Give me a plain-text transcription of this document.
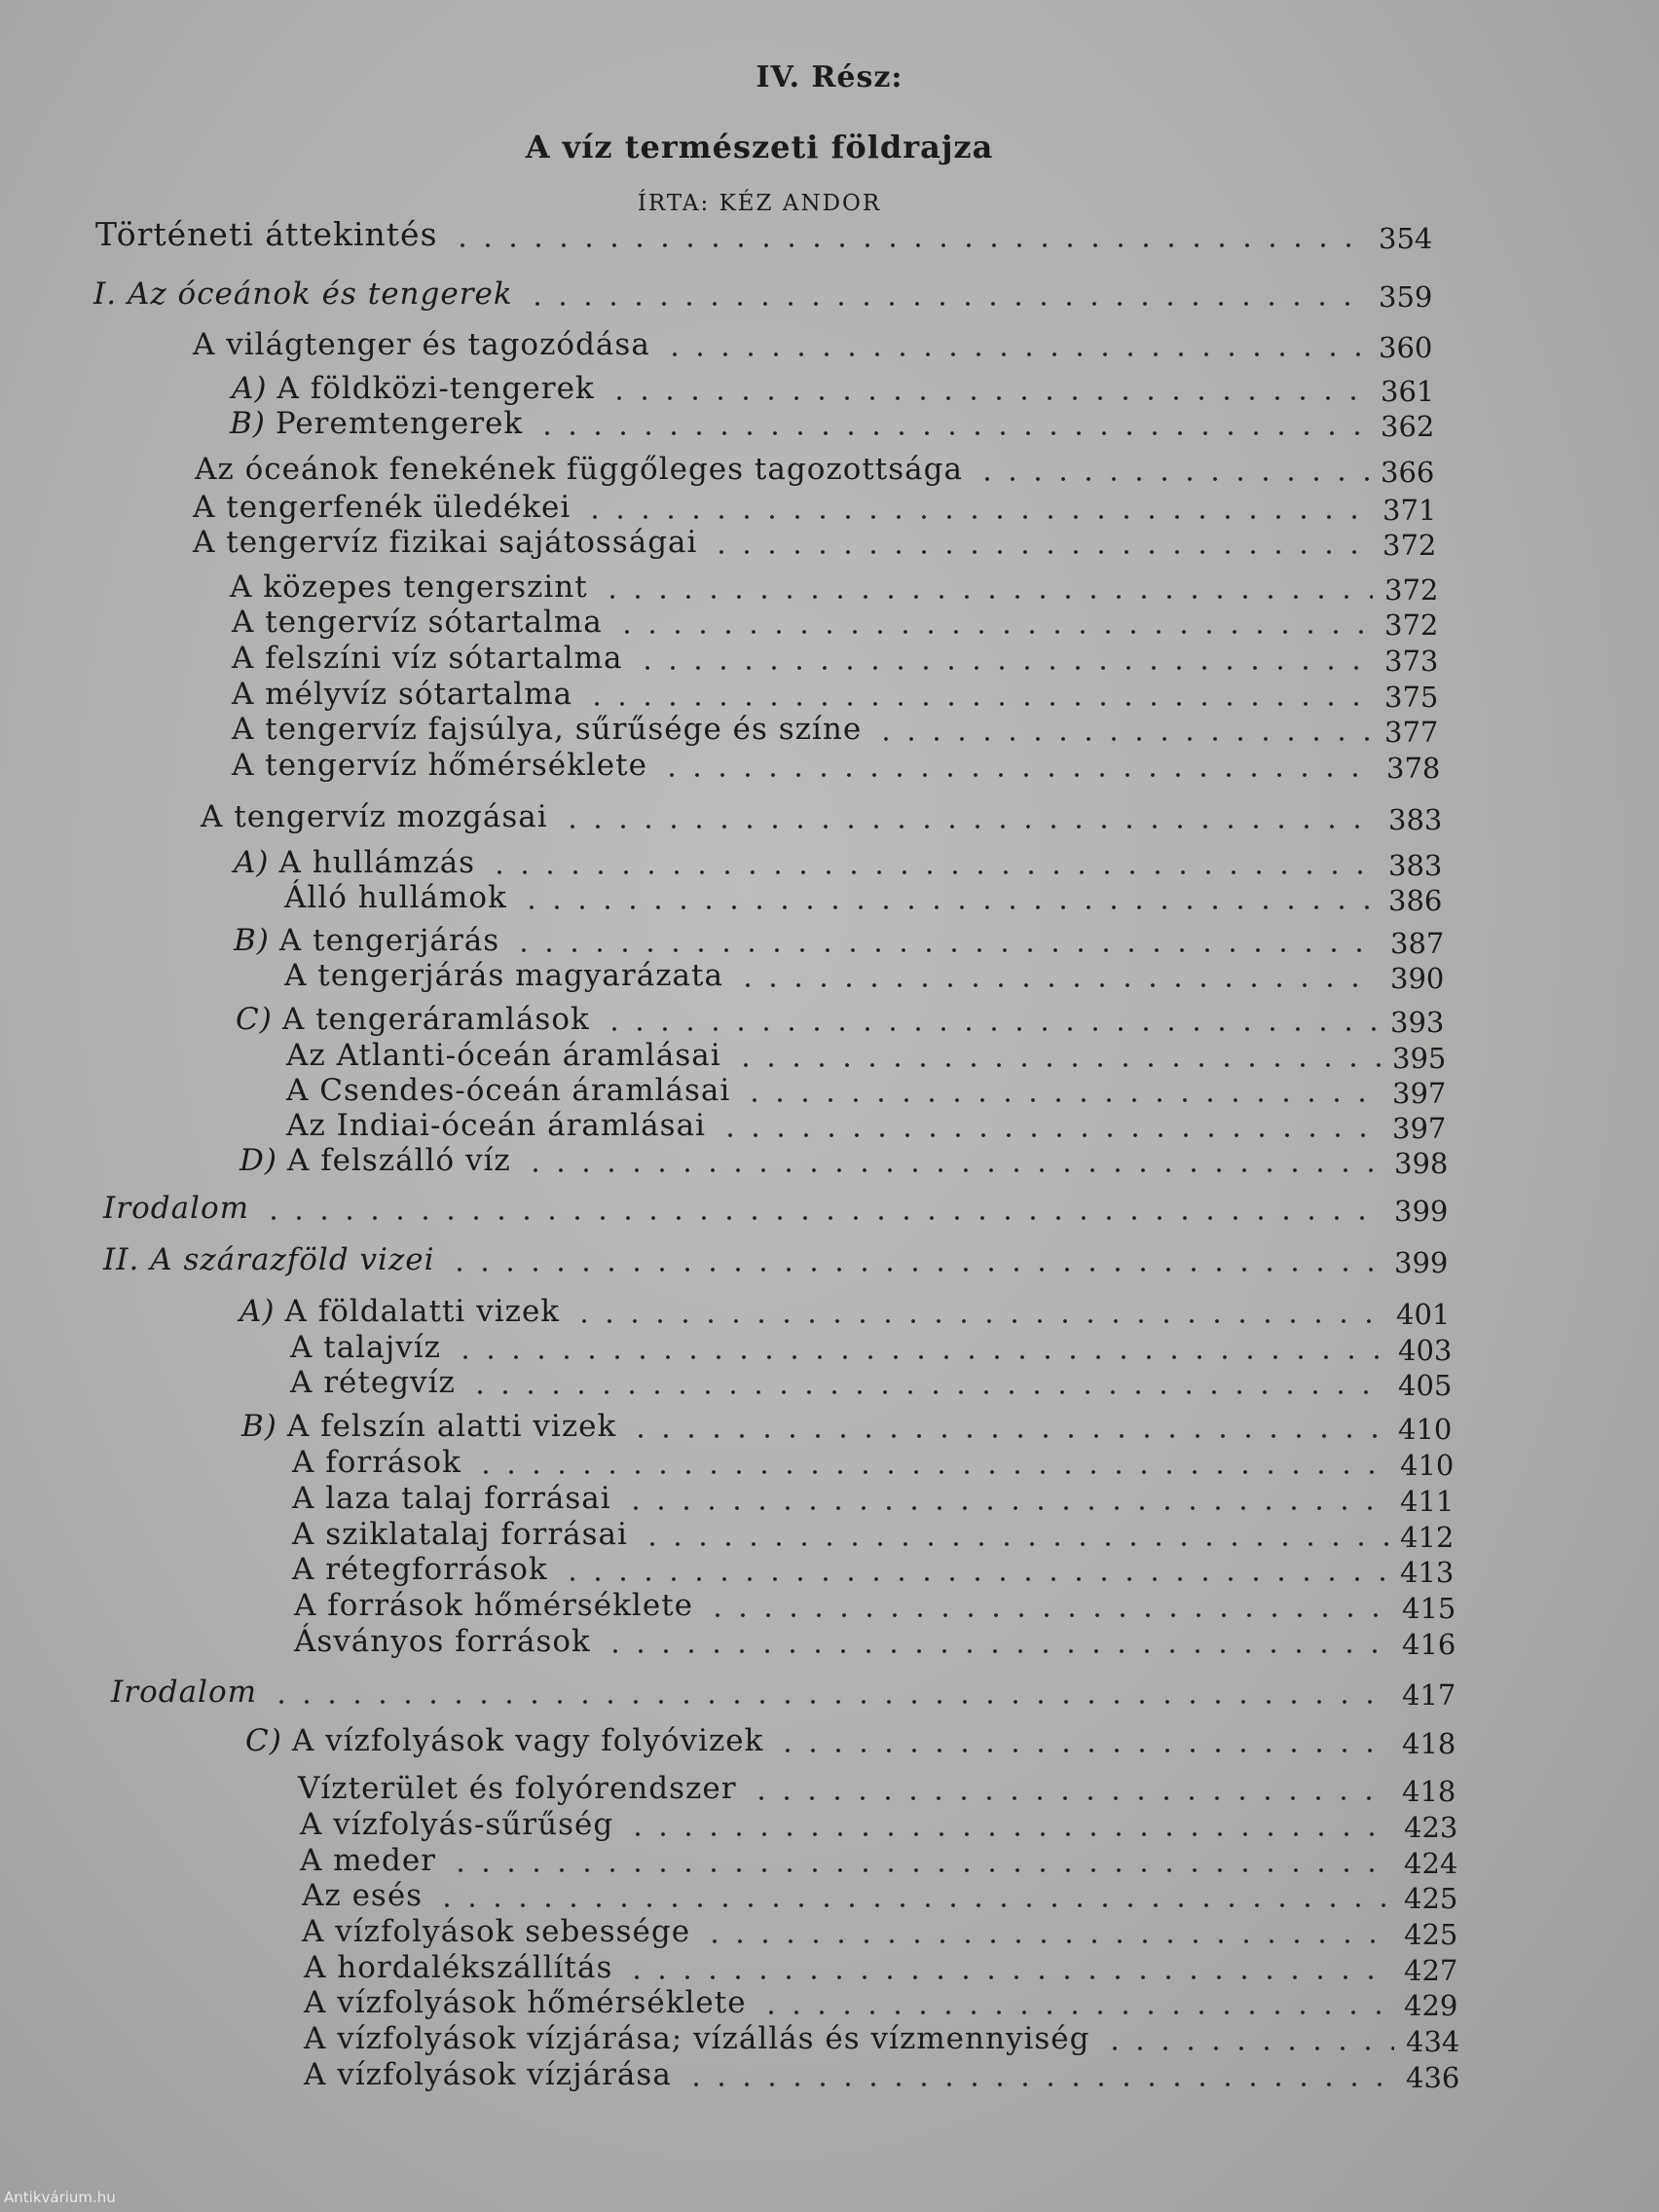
IV. Rész:
A víz természeti földrajza
ÍRTA: KÉZ ANDOR
Történeti áttekintés	354
I. Az óceánok és tengerek	359
A világtenger és tagozódása	360
A) A földközi-tengerek	361
B) Peremtengerek	362
Az óceánok fenekének függőleges tagozottsága	366
A tengerfenék üledékei	371
A tengervíz fizikai sajátosságai	372
A közepes tengerszint	372
A tengervíz sótartalma	372
A felszíni víz sótartalma	373
A mélyvíz sótartalma	375
A tengervíz fajsúlya, sűrűsége és színe	377
A tengervíz hőmérséklete	378
A tengervíz mozgásai	383
A) A hullámzás	383
Álló hullámok	386
B) A tengerjárás	387
A tengerjárás magyarázata	390
C) A tengeráramlások	393
Az Atlanti-óceán áramlásai	395
A Csendes-óceán áramlásai	397
Az Indiai-óceán áramlásai	397
D) A felszálló víz	398
Irodalom	399
II. A szárazföld vizei	399
A) A földalatti vizek	401
A talajvíz	403
A rétegvíz	405
B) A felszín alatti vizek	410
A források	410
A laza talaj forrásai	411
A sziklatalaj forrásai	412
A rétegforrások	413
A források hőmérséklete	415
Ásványos források	416
Irodalom	417
C) A vízfolyások vagy folyóvizek	418
Vízterület és folyórendszer	418
A vízfolyás-sűrűség	423
A meder	424
Az esés	425
A vízfolyások sebessége	425
A hordalékszállítás	427
A vízfolyások hőmérséklete	429
A vízfolyások vízjárása; vízállás és vízmennyiség	434
A vízfolyások vízjárása	436
Antikvárium.hu
